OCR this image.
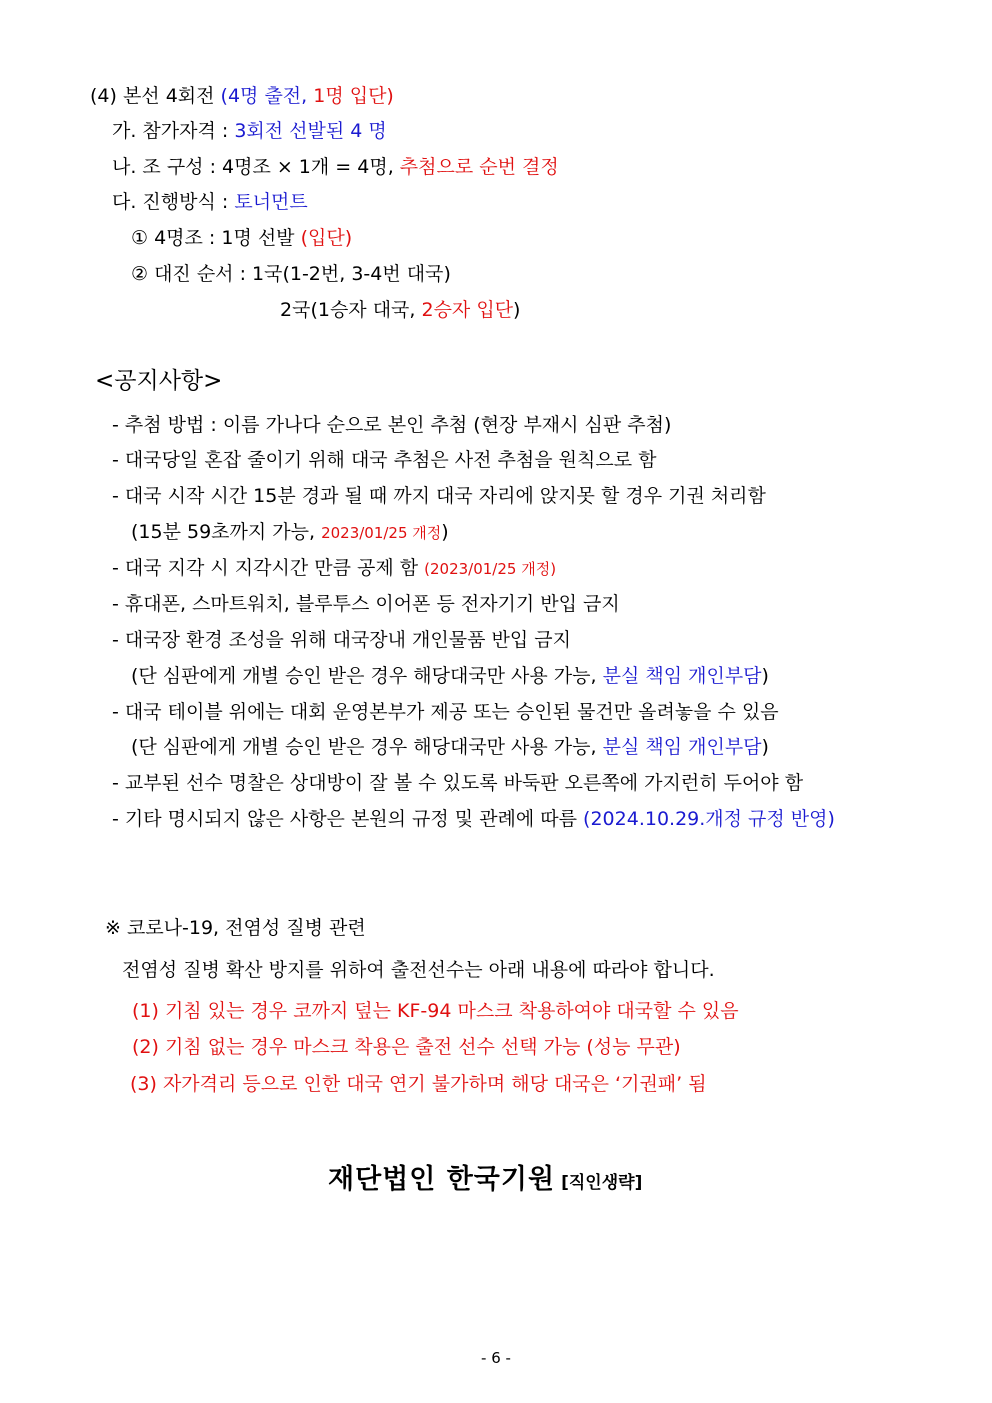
(4) 본선 4회전 (4명 출전, 1명 입단)
가. 참가자격 : 3회전 선발된 4 명
나. 조 구성 : 4명조 × 1개 = 4명, 추첨으로 순번 결정
다. 진행방식 : 토너먼트
① 4명조 : 1명 선발 (입단)
② 대진 순서 : 1국(1-2번, 3-4번 대국)
2국(1승자 대국, 2승자 입단)
<공지사항>
- 추첨 방법 : 이름 가나다 순으로 본인 추첨 (현장 부재시 심판 추첨)
- 대국당일 혼잡 줄이기 위해 대국 추첨은 사전 추첨을 원칙으로 함
- 대국 시작 시간 15분 경과 될 때 까지 대국 자리에 앉지못 할 경우 기권 처리함
(15분 59초까지 가능, 2023/01/25 개정)
- 대국 지각 시 지각시간 만큼 공제 함 (2023/01/25 개정)
- 휴대폰, 스마트워치, 블루투스 이어폰 등 전자기기 반입 금지
- 대국장 환경 조성을 위해 대국장내 개인물품 반입 금지
(단 심판에게 개별 승인 받은 경우 해당대국만 사용 가능, 분실 책임 개인부담)
- 대국 테이블 위에는 대회 운영본부가 제공 또는 승인된 물건만 올려놓을 수 있음
(단 심판에게 개별 승인 받은 경우 해당대국만 사용 가능, 분실 책임 개인부담)
- 교부된 선수 명찰은 상대방이 잘 볼 수 있도록 바둑판 오른쪽에 가지런히 두어야 함
- 기타 명시되지 않은 사항은 본원의 규정 및 관례에 따름 (2024.10.29.개정 규정 반영)
※ 코로나-19, 전염성 질병 관련
전염성 질병 확산 방지를 위하여 출전선수는 아래 내용에 따라야 합니다.
(1) 기침 있는 경우 코까지 덮는 KF-94 마스크 착용하여야 대국할 수 있음
(2) 기침 없는 경우 마스크 착용은 출전 선수 선택 가능 (성능 무관)
(3) 자가격리 등으로 인한 대국 연기 불가하며 해당 대국은 ‘기권패’ 됨
재단법인 한국기원 [직인생략]
- 6 -
